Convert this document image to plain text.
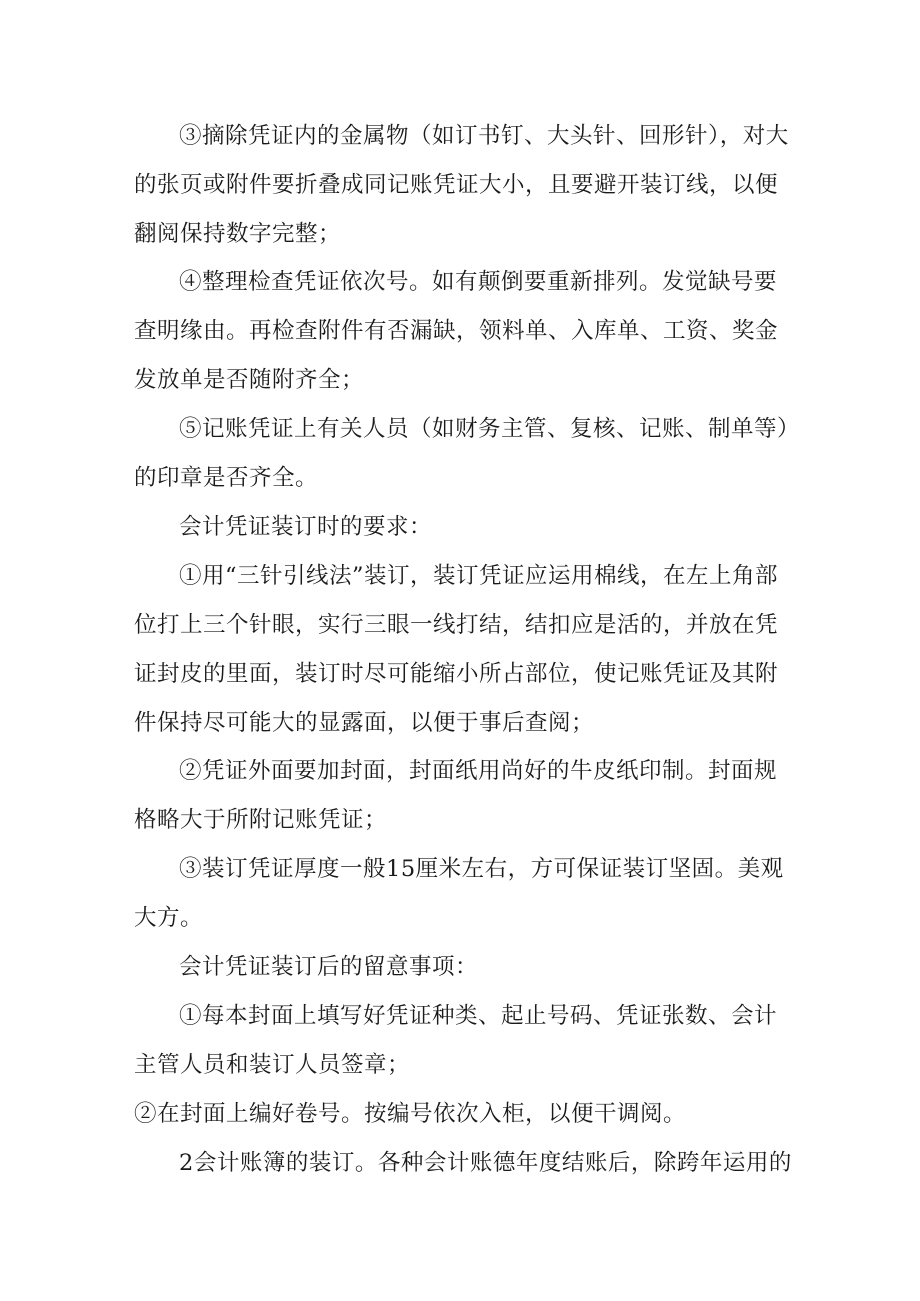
③摘除凭证内的金属物（如订书钉、大头针、回形针），对大的张页或附件要折叠成同记账凭证大小，且要避开装订线，以便翻阅保持数字完整；

④整理检查凭证依次号。如有颠倒要重新排列。发觉缺号要查明缘由。再检查附件有否漏缺，领料单、入库单、工资、奖金发放单是否随附齐全；

⑤记账凭证上有关人员（如财务主管、复核、记账、制单等）的印章是否齐全。

会计凭证装订时的要求：

①用“三针引线法”装订，装订凭证应运用棉线，在左上角部位打上三个针眼，实行三眼一线打结，结扣应是活的，并放在凭证封皮的里面，装订时尽可能缩小所占部位，使记账凭证及其附件保持尽可能大的显露面，以便于事后查阅；

②凭证外面要加封面，封面纸用尚好的牛皮纸印制。封面规格略大于所附记账凭证；

③装订凭证厚度一般15厘米左右，方可保证装订坚固。美观大方。

会计凭证装订后的留意事项：

①每本封面上填写好凭证种类、起止号码、凭证张数、会计主管人员和装订人员签章；

②在封面上编好卷号。按编号依次入柜，以便干调阅。

2会计账簿的装订。各种会计账德年度结账后，除跨年运用的
